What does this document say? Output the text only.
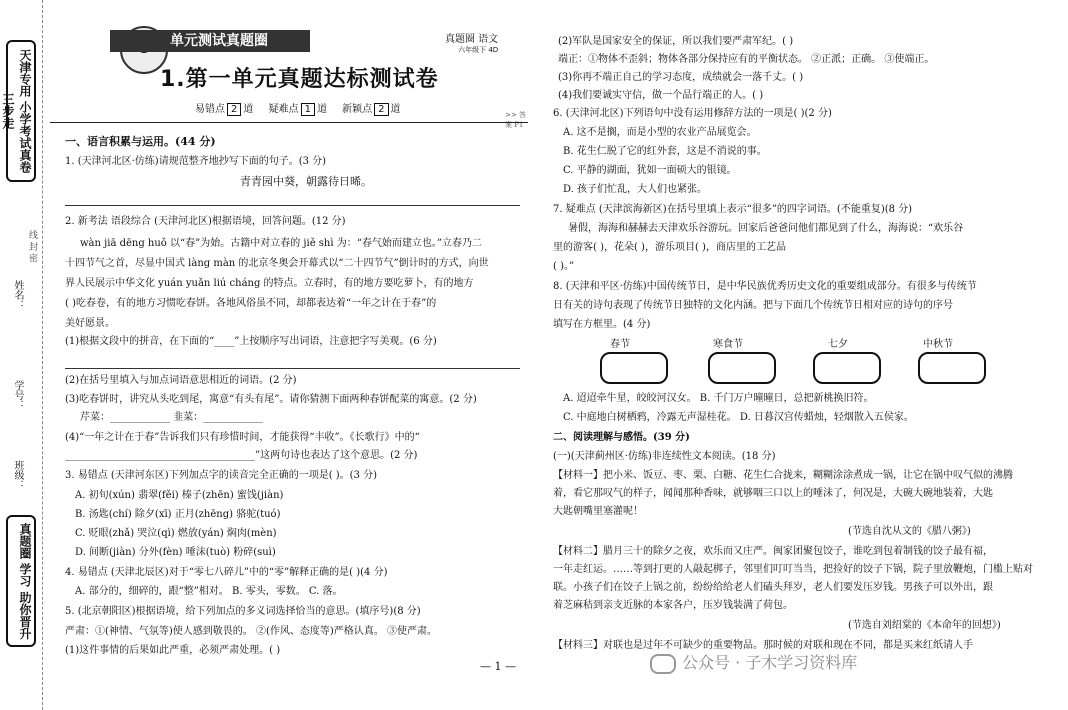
天津专用 小学考试真卷 三步走
姓名：
学号：
班级：
线 封 密
真题圈 学习 助你晋升
单元测试真题圈	真题圈 语文
六年级下 4D
1.第一单元真题达标测试卷
易错点 2 道 疑难点 1 道 新颖点 2 道	>> 答案 P1
一、语言积累与运用。(44 分)
1. (天津河北区·仿练)请规范整齐地抄写下面的句子。(3 分)
青青园中葵，朝露待日晞。
2. 新考法 语段综合 (天津河北区)根据语境，回答问题。(12 分)
wàn jiā dēng huǒ 以“春”为始。古籍中对立春的 jiě shì 为：“春气始而建立也。”立春乃二
十四节气之首，尽显中国式 làng màn 的北京冬奥会开幕式以“二十四节气”倒计时的方式，向世
界人民展示中华文化 yuán yuǎn liú cháng 的特点。立春时，有的地方要吃萝卜，有的地方
( )吃春卷，有的地方习惯吃春饼。各地风俗虽不同，却都表达着“一年之计在于春”的
美好愿景。
(1)根据文段中的拼音，在下面的“____”上按顺序写出词语，注意把字写美观。(6 分)
(2)在括号里填入与加点词语意思相近的词语。(2 分)
(3)吃春饼时，讲究从头吃到尾，寓意“有头有尾”。请你猜测下面两种春饼配菜的寓意。(2 分)
芹菜：____________ 韭菜：____________
(4)“一年之计在于春”告诉我们只有珍惜时间，才能获得“丰收”。《长歌行》中的“
______________________________________”这两句诗也表达了这个意思。(2 分)
3. 易错点 (天津河东区)下列加点字的读音完全正确的一项是( )。(3 分)
A. 初旬(xún) 翡翠(fěi) 榛子(zhēn) 蜜饯(jiàn)
B. 汤匙(chí) 除夕(xī) 正月(zhēng) 骆驼(tuó)
C. 贬眼(zhǎ) 哭泣(qì) 燃放(yán) 焖肉(mèn)
D. 间断(jiàn) 分外(fèn) 唾沫(tuò) 粉碎(suì)
4. 易错点 (天津北辰区)对于“零七八碎儿”中的“零”解释正确的是( )(4 分)
A. 部分的，细碎的，跟“整”相对。 B. 零头，零数。 C. 落。
5. (北京朝阳区)根据语境，给下列加点的多义词选择恰当的意思。(填序号)(8 分)
严肃：①(神情、气氛等)使人感到敬畏的。 ②(作风、态度等)严格认真。 ③使严肃。
(1)这件事情的后果如此严重，必须严肃处理。( )
(2)军队是国家安全的保证，所以我们要严肃军纪。( )
端正：①物体不歪斜；物体各部分保持应有的平衡状态。 ②正派；正确。 ③使端正。
(3)你再不端正自己的学习态度，成绩就会一落千丈。( )
(4)我们要诚实守信，做一个品行端正的人。( )
6. (天津河北区)下列语句中没有运用修辞方法的一项是( )(2 分)
A. 这不是搁，而是小型的农业产品展览会。
B. 花生仁脱了它的红外套，这是不消说的事。
C. 平静的湖面，犹如一面硕大的银镜。
D. 孩子们忙乱，大人们也紧张。
7. 疑难点 (天津滨海新区)在括号里填上表示“很多”的四字词语。(不能重复)(8 分)
暑假，海海和赫赫去天津欢乐谷游玩。回家后爸爸问他们都见到了什么，海海说：“欢乐谷
里的游客( )，花朵( )，游乐项目( )，商店里的工艺品
( )。”
8. (天津和平区·仿练)中国传统节日，是中华民族优秀历史文化的重要组成部分。有很多与传统节
日有关的诗句表现了传统节日独特的文化内涵。把与下面几个传统节日相对应的诗句的序号
填写在方框里。(4 分)
春节	寒食节	七夕	中秋节
A. 迢迢牵牛星，皎皎河汉女。 B. 千门万户曈曈日，总把新桃换旧符。
C. 中庭地白树栖鸦，冷露无声湿桂花。 D. 日暮汉宫传蜡烛，轻烟散入五侯家。
二、阅读理解与感悟。(39 分)
(一)(天津蓟州区·仿练)非连续性文本阅读。(18 分)
【材料一】把小米、饭豆、枣、栗、白糖、花生仁合拢来，糊糊涂涂煮成一锅，让它在锅中叹气似的沸腾
着，看它那叹气的样子，闻闻那种香味，就够咽三口以上的唾沫了，何况是，大碗大碗地装着，大匙
大匙朝嘴里塞灌呢！
(节选自沈从文的《腊八粥》)
【材料二】腊月三十的除夕之夜，欢乐而又庄严。闽家团聚包饺子，谁吃到包着制钱的饺子最有福，
一年走红运。……等到打更的人敲起梆子，邻里们叮叮当当，把捡好的饺子下锅，院子里放鞭炮，门槛上贴对
联。小孩子们在饺子上锅之前，纷纷给给老人们磕头拜岁，老人们要发压岁钱。男孩子可以外出，跟
着芝麻秸到亲支近脉的本家各户，压岁钱装满了荷包。
(节选自刘绍棠的《本命年的回想》)
【材料三】对联也是过年不可缺少的重要物品。那时候的对联和现在不同，都是买来红纸请人手
— 1 —	公众号 · 子木学习资料库
